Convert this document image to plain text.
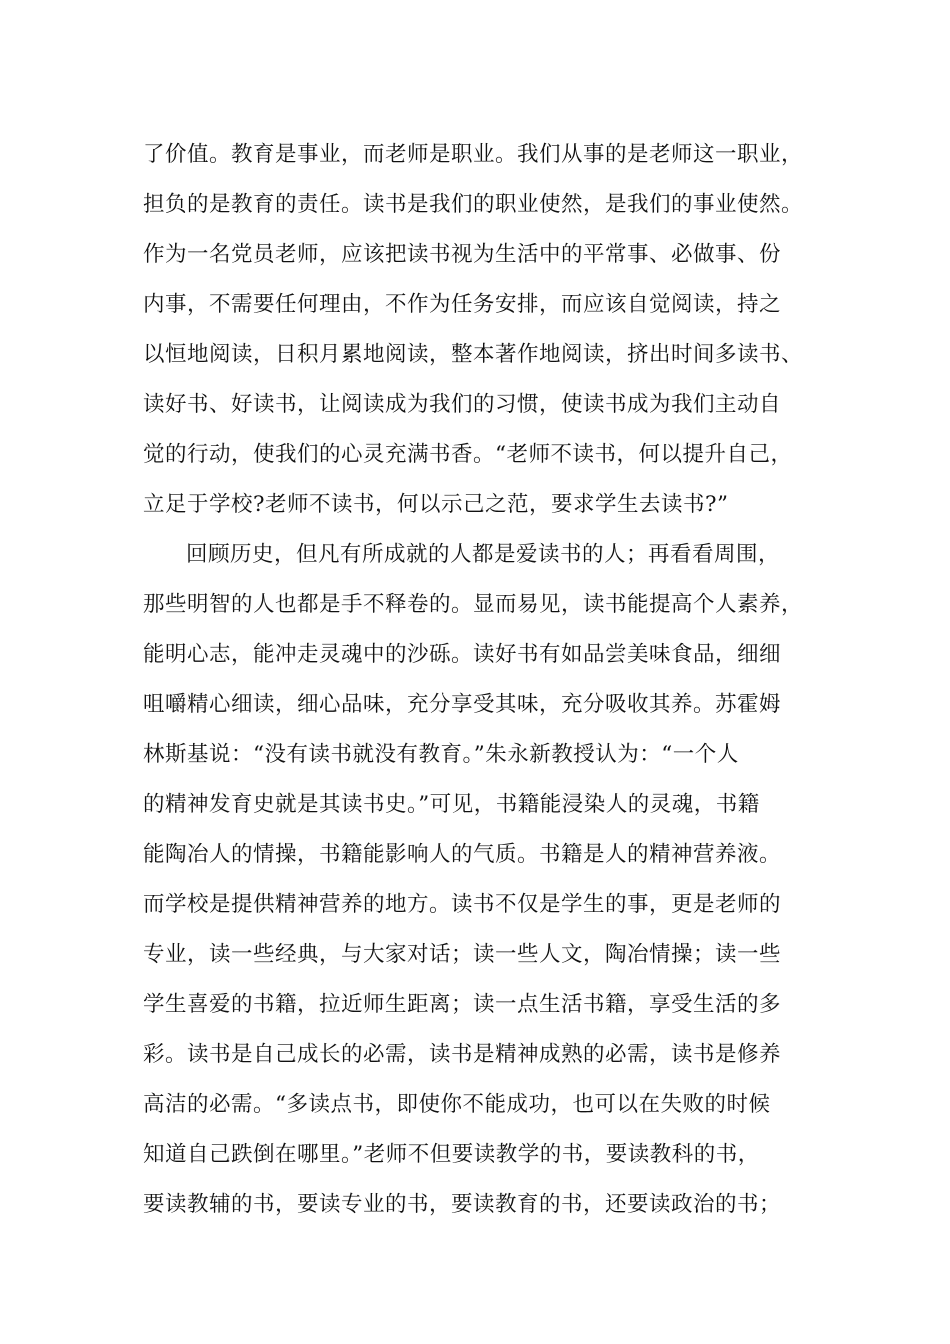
了价值。教育是事业，而老师是职业。我们从事的是老师这一职业，
担负的是教育的责任。读书是我们的职业使然，是我们的事业使然。
作为一名党员老师，应该把读书视为生活中的平常事、必做事、份
内事，不需要任何理由，不作为任务安排，而应该自觉阅读，持之
以恒地阅读，日积月累地阅读，整本著作地阅读，挤出时间多读书、
读好书、好读书，让阅读成为我们的习惯，使读书成为我们主动自
觉的行动，使我们的心灵充满书香。“老师不读书，何以提升自己，
立足于学校?老师不读书，何以示己之范，要求学生去读书?”
回顾历史，但凡有所成就的人都是爱读书的人；再看看周围，
那些明智的人也都是手不释卷的。显而易见，读书能提高个人素养，
能明心志，能冲走灵魂中的沙砾。读好书有如品尝美味食品，细细
咀嚼精心细读，细心品味，充分享受其味，充分吸收其养。苏霍姆
林斯基说：“没有读书就没有教育。”朱永新教授认为：“一个人
的精神发育史就是其读书史。”可见，书籍能浸染人的灵魂，书籍
能陶冶人的情操，书籍能影响人的气质。书籍是人的精神营养液。
而学校是提供精神营养的地方。读书不仅是学生的事，更是老师的
专业，读一些经典，与大家对话；读一些人文，陶冶情操；读一些
学生喜爱的书籍，拉近师生距离；读一点生活书籍，享受生活的多
彩。读书是自己成长的必需，读书是精神成熟的必需，读书是修养
高洁的必需。“多读点书，即使你不能成功，也可以在失败的时候
知道自己跌倒在哪里。”老师不但要读教学的书，要读教科的书，
要读教辅的书，要读专业的书，要读教育的书，还要读政治的书；
